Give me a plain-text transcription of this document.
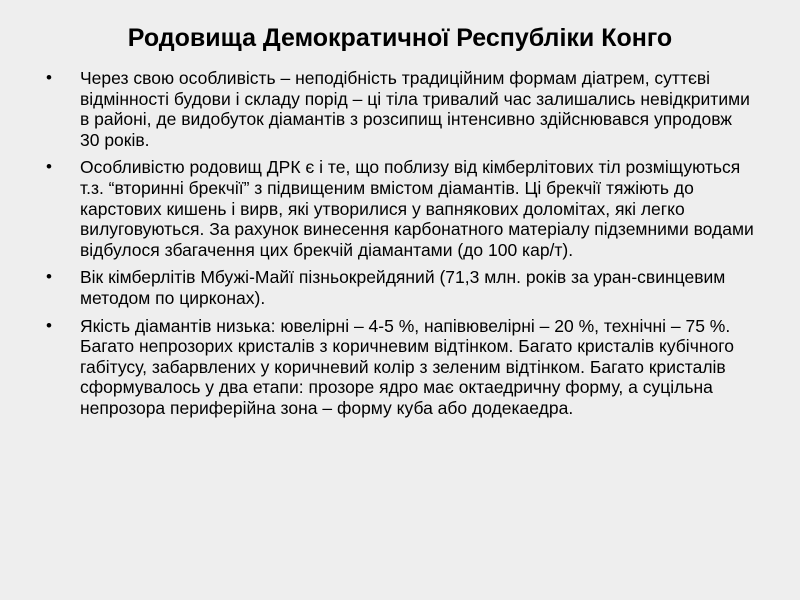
Родовища Демократичної Республіки Конго
• Через свою особливість – неподібність традиційним формам діатрем, суттєві відмінності будови і складу порід – ці тіла тривалий час залишались невідкритими в районі, де видобуток діамантів з розсипищ інтенсивно здійснювався упродовж 30 років.
• Особливістю родовищ ДРК є і те, що поблизу від кімберлітових тіл розміщуються т.з. “вторинні брекчії” з підвищеним вмістом діамантів. Ці брекчії тяжіють до карстових кишень і вирв, які утворилися у вапнякових доломітах, які легко вилуговуються. За рахунок винесення карбонатного матеріалу підземними водами відбулося збагачення цих брекчій діамантами (до 100 кар/т).
• Вік кімберлітів Мбужі-Майї пізньокрейдяний (71,3 млн. років за уран-свинцевим методом по цирконах).
• Якість діамантів низька: ювелірні – 4-5 %, напівювелірні – 20 %, технічні – 75 %. Багато непрозорих кристалів з коричневим відтінком. Багато кристалів кубічного габітусу, забарвлених у коричневий колір з зеленим відтінком. Багато кристалів сформувалось у два етапи: прозоре ядро має октаедричну форму, а суцільна непрозора периферійна зона – форму куба або додекаедра.
